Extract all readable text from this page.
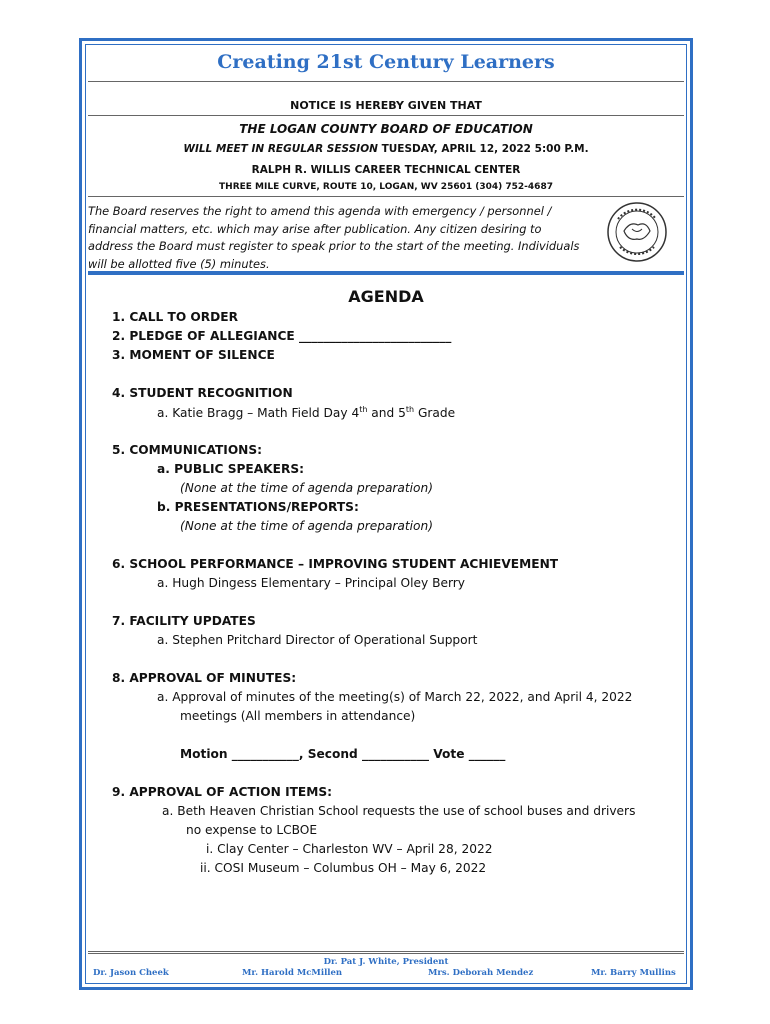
Creating 21st Century Learners
NOTICE IS HEREBY GIVEN THAT
THE LOGAN COUNTY BOARD OF EDUCATION
WILL MEET IN REGULAR SESSION TUESDAY, APRIL 12, 2022 5:00 P.M.
RALPH R. WILLIS CAREER TECHNICAL CENTER
THREE MILE CURVE, ROUTE 10, LOGAN, WV 25601 (304) 752-4687
The Board reserves the right to amend this agenda with emergency / personnel / financial matters, etc. which may arise after publication. Any citizen desiring to address the Board must register to speak prior to the start of the meeting. Individuals will be allotted five (5) minutes.
AGENDA
1. CALL TO ORDER
2. PLEDGE OF ALLEGIANCE _________________________
3. MOMENT OF SILENCE
4. STUDENT RECOGNITION
a. Katie Bragg – Math Field Day 4th and 5th Grade
5. COMMUNICATIONS:
a. PUBLIC SPEAKERS:
(None at the time of agenda preparation)
b. PRESENTATIONS/REPORTS:
(None at the time of agenda preparation)
6. SCHOOL PERFORMANCE – IMPROVING STUDENT ACHIEVEMENT
a. Hugh Dingess Elementary – Principal Oley Berry
7. FACILITY UPDATES
a. Stephen Pritchard Director of Operational Support
8. APPROVAL OF MINUTES:
a. Approval of minutes of the meeting(s) of March 22, 2022, and April 4, 2022
meetings (All members in attendance)
Motion ___________, Second ___________ Vote ______
9. APPROVAL OF ACTION ITEMS:
a. Beth Heaven Christian School requests the use of school buses and drivers
no expense to LCBOE
i. Clay Center – Charleston WV – April 28, 2022
ii. COSI Museum – Columbus OH – May 6, 2022
Dr. Pat J. White, President
Dr. Jason Cheek	Mr. Harold McMillen	Mrs. Deborah Mendez	Mr. Barry Mullins
